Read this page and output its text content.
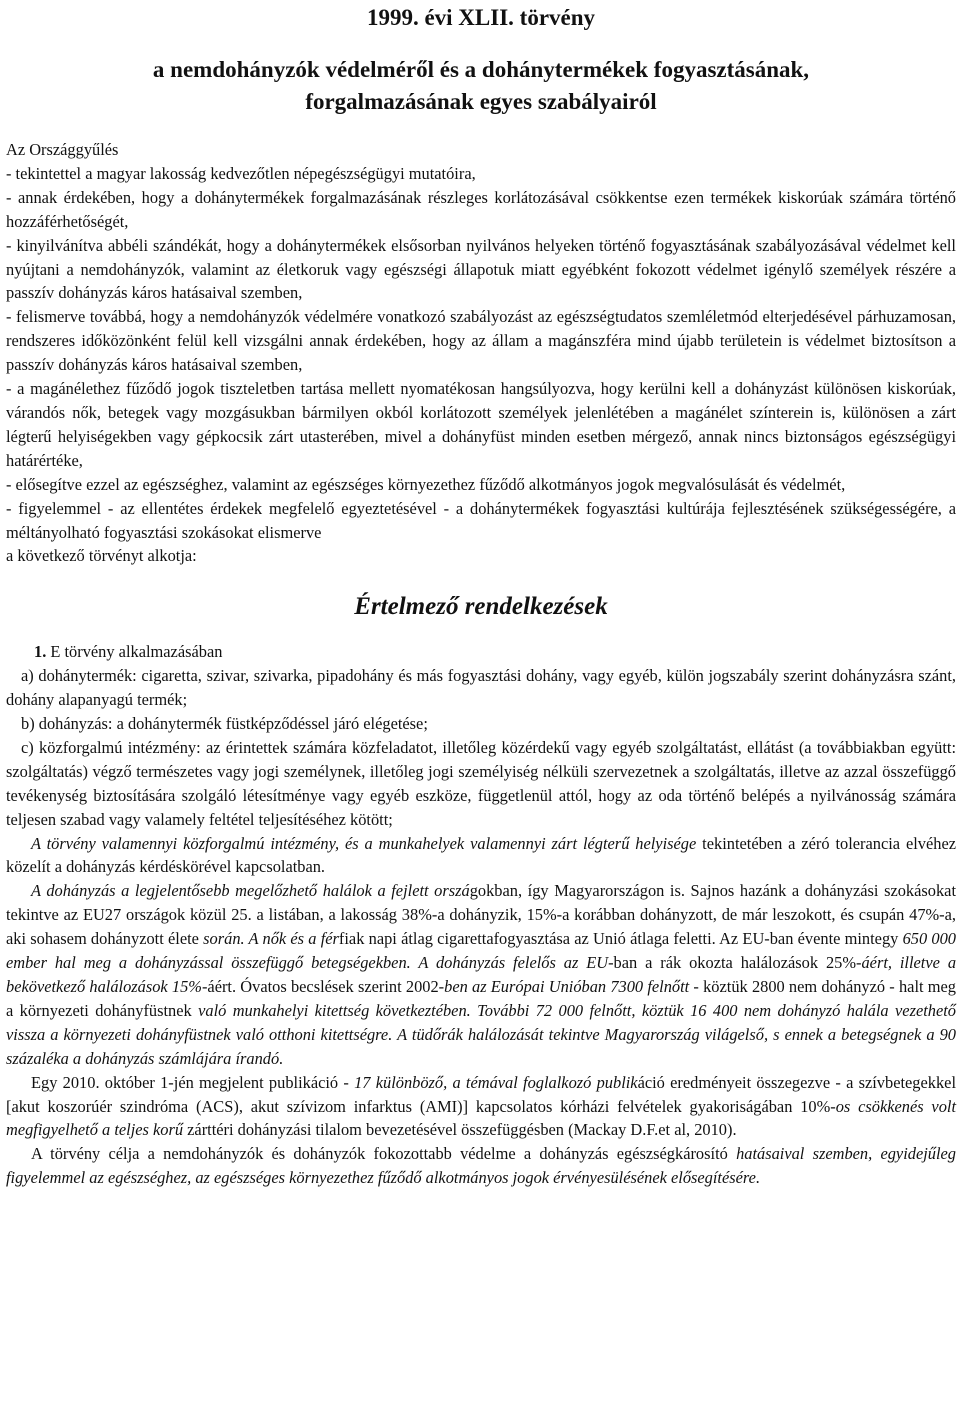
1999. évi XLII. törvény
a nemdohányzók védelméről és a dohánytermékek fogyasztásának,
forgalmazásának egyes szabályairól

Az Országgyűlés

- tekintettel a magyar lakosság kedvezőtlen népegészségügyi mutatóira,

- annak érdekében, hogy a dohánytermékek forgalmazásának részleges korlátozásával csökkentse ezen termékek kiskorúak számára történő hozzáférhetőségét,

- kinyilvánítva abbéli szándékát, hogy a dohánytermékek elsősorban nyilvános helyeken történő fogyasztásának szabályozásával védelmet kell nyújtani a nemdohányzók, valamint az életkoruk vagy egészségi állapotuk miatt egyébként fokozott védelmet igénylő személyek részére a passzív dohányzás káros hatásaival szemben,

- felismerve továbbá, hogy a nemdohányzók védelmére vonatkozó szabályozást az egészségtudatos szemléletmód elterjedésével párhuzamosan, rendszeres időközönként felül kell vizsgálni annak érdekében, hogy az állam a magánszféra mind újabb területein is védelmet biztosítson a passzív dohányzás káros hatásaival szemben,

- a magánélethez fűződő jogok tiszteletben tartása mellett nyomatékosan hangsúlyozva, hogy kerülni kell a dohányzást különösen kiskorúak, várandós nők, betegek vagy mozgásukban bármilyen okból korlátozott személyek jelenlétében a magánélet színterein is, különösen a zárt légterű helyiségekben vagy gépkocsik zárt utasterében, mivel a dohányfüst minden esetben mérgező, annak nincs biztonságos egészségügyi határértéke,

- elősegítve ezzel az egészséghez, valamint az egészséges környezethez fűződő alkotmányos jogok megvalósulását és védelmét,

- figyelemmel - az ellentétes érdekek megfelelő egyeztetésével - a dohánytermékek fogyasztási kultúrája fejlesztésének szükségességére, a méltányolható fogyasztási szokásokat elismerve

a következő törvényt alkotja:

Értelmező rendelkezések

1. E törvény alkalmazásában

a) dohánytermék: cigaretta, szivar, szivarka, pipadohány és más fogyasztási dohány, vagy egyéb, külön jogszabály szerint dohányzásra szánt, dohány alapanyagú termék;

b) dohányzás: a dohánytermék füstképződéssel járó elégetése;

c) közforgalmú intézmény: az érintettek számára közfeladatot, illetőleg közérdekű vagy egyéb szolgáltatást, ellátást (a továbbiakban együtt: szolgáltatás) végző természetes vagy jogi személynek, illetőleg jogi személyiség nélküli szervezetnek a szolgáltatás, illetve az azzal összefüggő tevékenység biztosítására szolgáló létesítménye vagy egyéb eszköze, függetlenül attól, hogy az oda történő belépés a nyilvánosság számára teljesen szabad vagy valamely feltétel teljesítéséhez kötött;

A törvény valamennyi közforgalmú intézmény, és a munkahelyek valamennyi zárt légterű helyisége tekintetében a zéró tolerancia elvéhez közelít a dohányzás kérdéskörével kapcsolatban.

A dohányzás a legjelentősebb megelőzhető halálok a fejlett országokban, így Magyarországon is. Sajnos hazánk a dohányzási szokásokat tekintve az EU27 országok közül 25. a listában, a lakosság 38%-a dohányzik, 15%-a korábban dohányzott, de már leszokott, és csupán 47%-a, aki sohasem dohányzott élete során. A nők és a férfiak napi átlag cigarettafogyasztása az Unió átlaga feletti. Az EU-ban évente mintegy 650 000 ember hal meg a dohányzással összefüggő betegségekben. A dohányzás felelős az EU-ban a rák okozta halálozások 25%-áért, illetve a bekövetkező halálozások 15%-áért. Óvatos becslések szerint 2002-ben az Európai Unióban 7300 felnőtt - köztük 2800 nem dohányzó - halt meg a környezeti dohányfüstnek való munkahelyi kitettség következtében. További 72 000 felnőtt, köztük 16 400 nem dohányzó halála vezethető vissza a környezeti dohányfüstnek való otthoni kitettségre. A tüdőrák halálozását tekintve Magyarország világelső, s ennek a betegségnek a 90 százaléka a dohányzás számlájára írandó.

Egy 2010. október 1-jén megjelent publikáció - 17 különböző, a témával foglalkozó publikáció eredményeit összegezve - a szívbetegekkel [akut koszorúér szindróma (ACS), akut szívizom infarktus (AMI)] kapcsolatos kórházi felvételek gyakoriságában 10%-os csökkenés volt megfigyelhető a teljes korű zárttéri dohányzási tilalom bevezetésével összefüggésben (Mackay D.F.et al, 2010).

A törvény célja a nemdohányzók és dohányzók fokozottabb védelme a dohányzás egészségkárosító hatásaival szemben, egyidejűleg figyelemmel az egészséghez, az egészséges környezethez fűződő alkotmányos jogok érvényesülésének elősegítésére.
